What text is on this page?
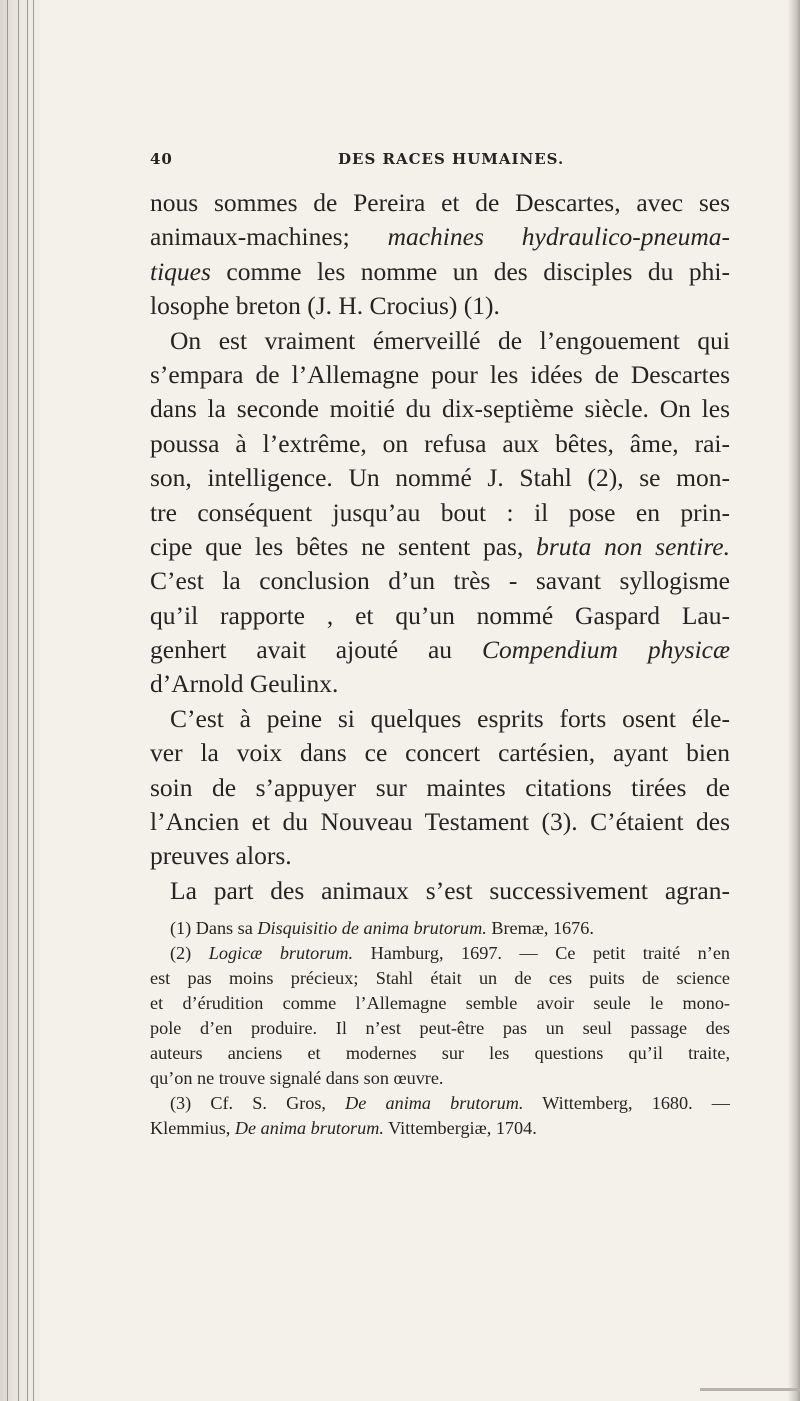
40	DES RACES HUMAINES.
nous sommes de Pereira et de Descartes, avec ses
animaux-machines; machines hydraulico-pneuma-
tiques comme les nomme un des disciples du phi-
losophe breton (J. H. Crocius) (1).
On est vraiment émerveillé de l’engouement qui
s’empara de l’Allemagne pour les idées de Descartes
dans la seconde moitié du dix-septième siècle. On les
poussa à l’extrême, on refusa aux bêtes, âme, rai-
son, intelligence. Un nommé J. Stahl (2), se mon-
tre conséquent jusqu’au bout : il pose en prin-
cipe que les bêtes ne sentent pas, bruta non sentire.
C’est la conclusion d’un très - savant syllogisme
qu’il rapporte , et qu’un nommé Gaspard Lau-
genhert avait ajouté au Compendium physicæ
d’Arnold Geulinx.
C’est à peine si quelques esprits forts osent éle-
ver la voix dans ce concert cartésien, ayant bien
soin de s’appuyer sur maintes citations tirées de
l’Ancien et du Nouveau Testament (3). C’étaient des
preuves alors.
La part des animaux s’est successivement agran-
(1) Dans sa Disquisitio de anima brutorum. Bremæ, 1676.
(2) Logicæ brutorum. Hamburg, 1697. — Ce petit traité n’en
est pas moins précieux; Stahl était un de ces puits de science
et d’érudition comme l’Allemagne semble avoir seule le mono-
pole d’en produire. Il n’est peut-être pas un seul passage des
auteurs anciens et modernes sur les questions qu’il traite,
qu’on ne trouve signalé dans son œuvre.
(3) Cf. S. Gros, De anima brutorum. Wittemberg, 1680. —
Klemmius, De anima brutorum. Vittembergiæ, 1704.
